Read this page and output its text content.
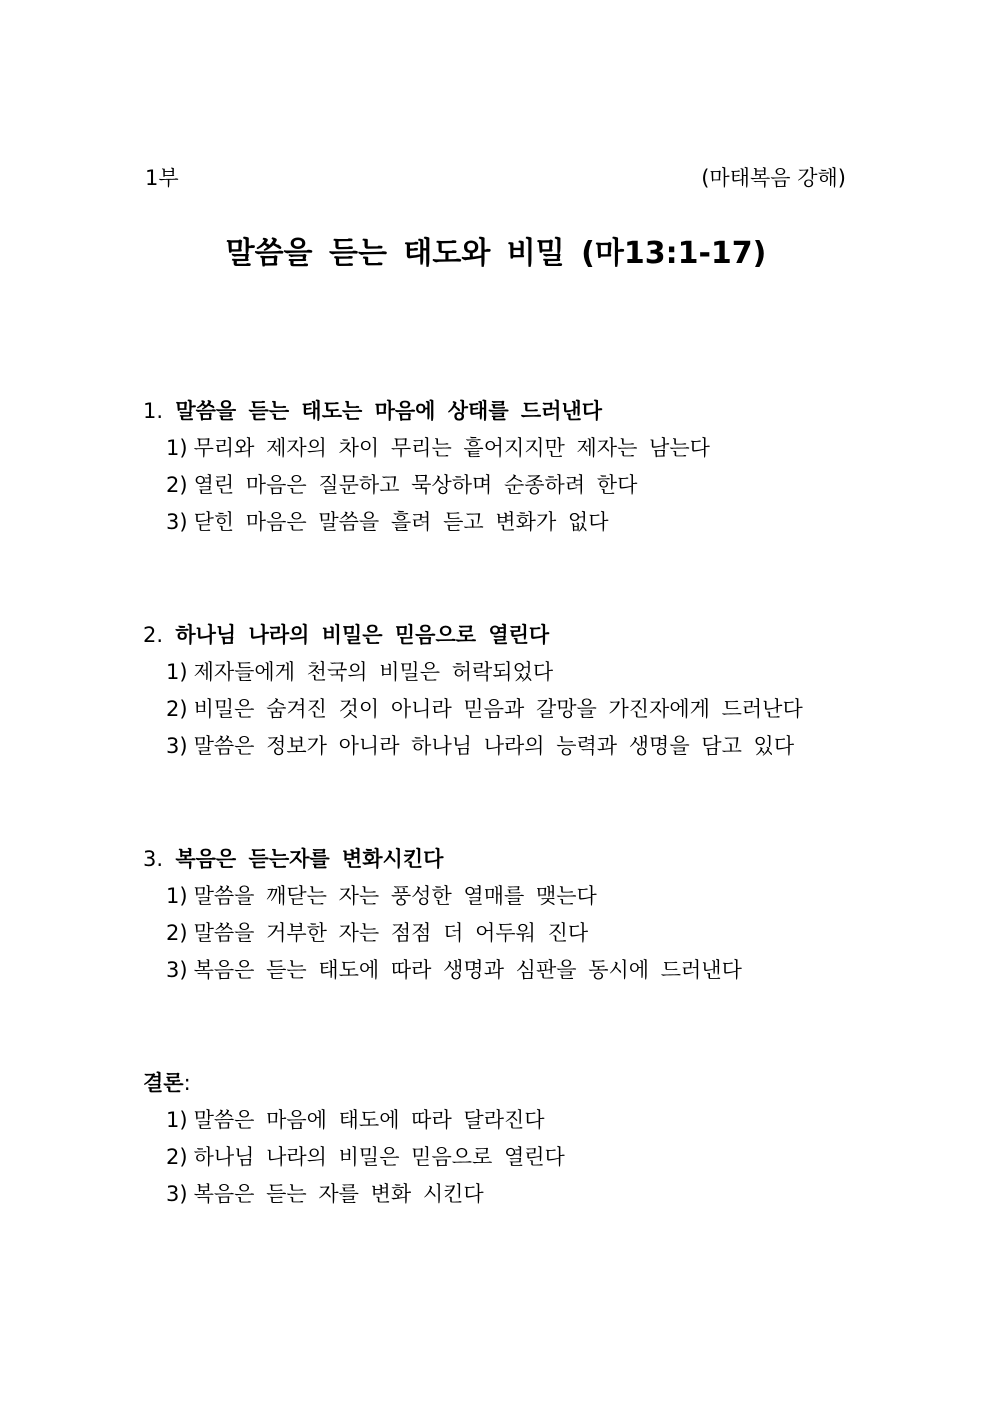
1부	(마태복음 강해)
말씀을 듣는 태도와 비밀 (마13:1-17)

1. 말씀을 듣는 태도는 마음에 상태를 드러낸다

1) 무리와 제자의 차이 무리는 흩어지지만 제자는 남는다
2) 열린 마음은 질문하고 묵상하며 순종하려 한다
3) 닫힌 마음은 말씀을 흘려 듣고 변화가 없다

2. 하나님 나라의 비밀은 믿음으로 열린다

1) 제자들에게 천국의 비밀은 허락되었다
2) 비밀은 숨겨진 것이 아니라 믿음과 갈망을 가진자에게 드러난다
3) 말씀은 정보가 아니라 하나님 나라의 능력과 생명을 담고 있다

3. 복음은 듣는자를 변화시킨다

1) 말씀을 깨닫는 자는 풍성한 열매를 맺는다
2) 말씀을 거부한 자는 점점 더 어두워 진다
3) 복음은 듣는 태도에 따라 생명과 심판을 동시에 드러낸다

결론:

1) 말씀은 마음에 태도에 따라 달라진다
2) 하나님 나라의 비밀은 믿음으로 열린다
3) 복음은 듣는 자를 변화 시킨다
